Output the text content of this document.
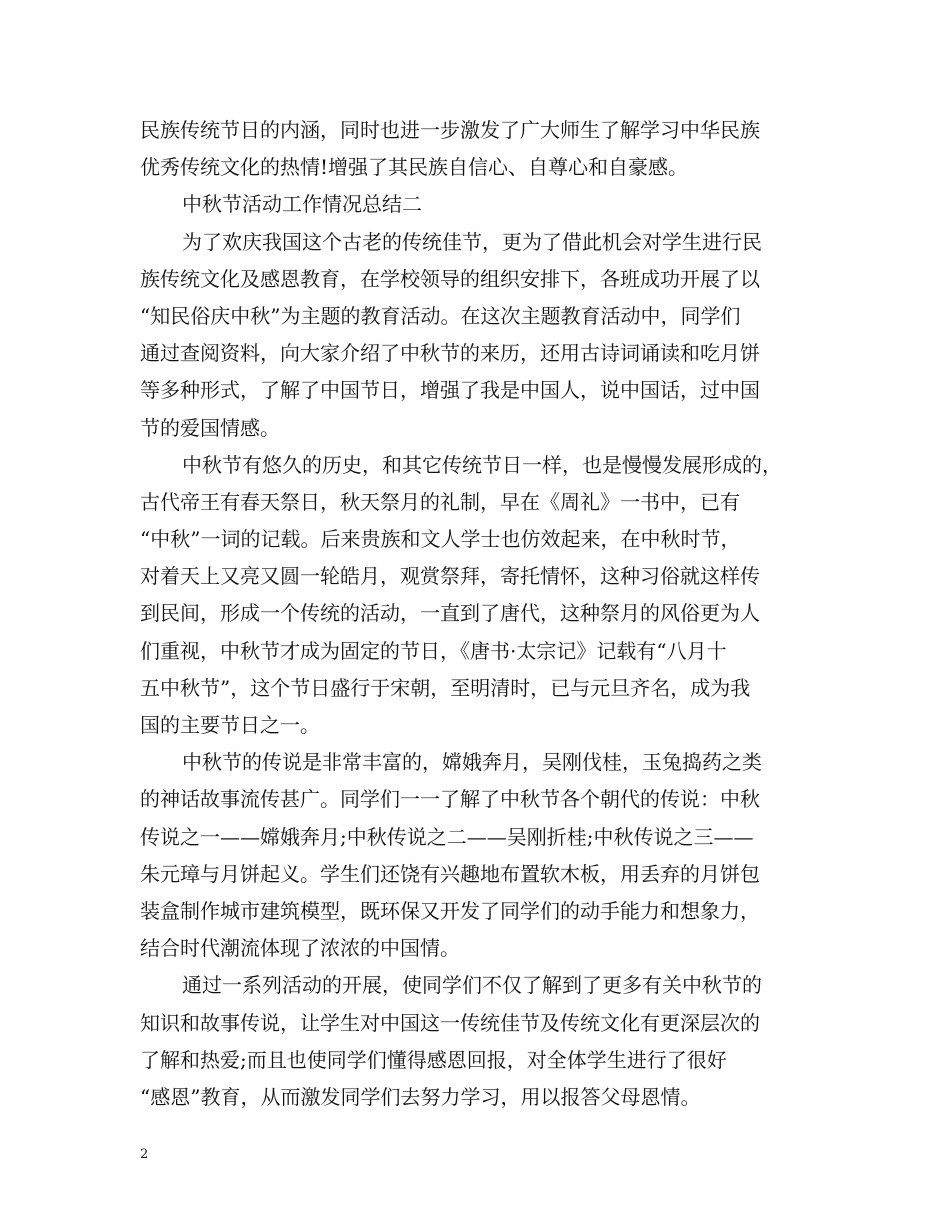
民族传统节日的内涵，同时也进一步激发了广大师生了解学习中华民族
优秀传统文化的热情!增强了其民族自信心、自尊心和自豪感。
中秋节活动工作情况总结二
为了欢庆我国这个古老的传统佳节，更为了借此机会对学生进行民
族传统文化及感恩教育，在学校领导的组织安排下，各班成功开展了以
“知民俗庆中秋”为主题的教育活动。在这次主题教育活动中，同学们
通过查阅资料，向大家介绍了中秋节的来历，还用古诗词诵读和吃月饼
等多种形式，了解了中国节日，增强了我是中国人，说中国话，过中国
节的爱国情感。
中秋节有悠久的历史，和其它传统节日一样，也是慢慢发展形成的，
古代帝王有春天祭日，秋天祭月的礼制，早在《周礼》一书中，已有
“中秋”一词的记载。后来贵族和文人学士也仿效起来，在中秋时节，
对着天上又亮又圆一轮皓月，观赏祭拜，寄托情怀，这种习俗就这样传
到民间，形成一个传统的活动，一直到了唐代，这种祭月的风俗更为人
们重视，中秋节才成为固定的节日，《唐书·太宗记》记载有“八月十
五中秋节”，这个节日盛行于宋朝，至明清时，已与元旦齐名，成为我
国的主要节日之一。
中秋节的传说是非常丰富的，嫦娥奔月，吴刚伐桂，玉兔捣药之类
的神话故事流传甚广。同学们一一了解了中秋节各个朝代的传说：中秋
传说之一——嫦娥奔月;中秋传说之二——吴刚折桂;中秋传说之三——
朱元璋与月饼起义。学生们还饶有兴趣地布置软木板，用丢弃的月饼包
装盒制作城市建筑模型，既环保又开发了同学们的动手能力和想象力，
结合时代潮流体现了浓浓的中国情。
通过一系列活动的开展，使同学们不仅了解到了更多有关中秋节的
知识和故事传说，让学生对中国这一传统佳节及传统文化有更深层次的
了解和热爱;而且也使同学们懂得感恩回报，对全体学生进行了很好
“感恩”教育，从而激发同学们去努力学习，用以报答父母恩情。
2
